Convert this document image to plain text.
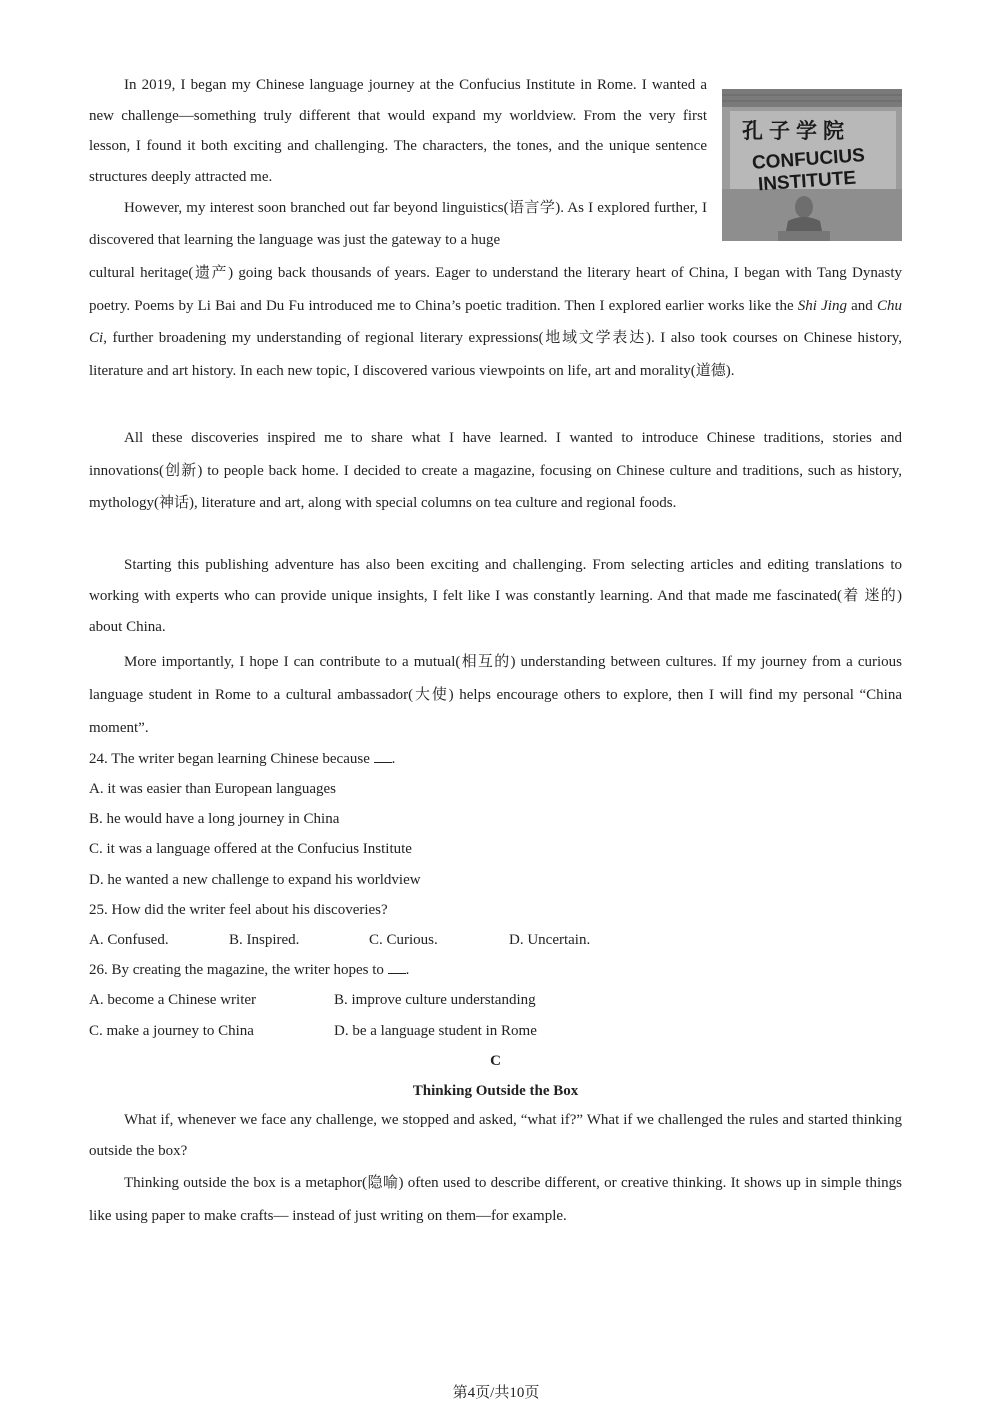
孔子学院
CONFUCIUS
INSTITUTE
In 2019, I began my Chinese language journey at the Confucius Institute in Rome. I wanted a new challenge—something truly different that would expand my worldview. From the very first lesson, I found it both exciting and challenging. The characters, the tones, and the unique sentence structures deeply attracted me.
However, my interest soon branched out far beyond linguistics(语言学). As I explored further, I discovered that learning the language was just the gateway to a huge
cultural heritage(遗产) going back thousands of years. Eager to understand the literary heart of China, I began with Tang Dynasty poetry. Poems by Li Bai and Du Fu introduced me to China’s poetic tradition. Then I explored earlier works like the Shi Jing and Chu Ci, further broadening my understanding of regional literary expressions(地域文学表达). I also took courses on Chinese history, literature and art history. In each new topic, I discovered various viewpoints on life, art and morality(道德).
All these discoveries inspired me to share what I have learned. I wanted to introduce Chinese traditions, stories and innovations(创新) to people back home. I decided to create a magazine, focusing on Chinese culture and traditions, such as history, mythology(神话), literature and art, along with special columns on tea culture and regional foods.
Starting this publishing adventure has also been exciting and challenging. From selecting articles and editing translations to working with experts who can provide unique insights, I felt like I was constantly learning. And that made me fascinated(着 迷的) about China.
More importantly, I hope I can contribute to a mutual(相互的) understanding between cultures. If my journey from a curious language student in Rome to a cultural ambassador(大使) helps encourage others to explore, then I will find my personal “China moment”.
24. The writer began learning Chinese because .
A. it was easier than European languages
B. he would have a long journey in China
C. it was a language offered at the Confucius Institute
D. he wanted a new challenge to expand his worldview
25. How did the writer feel about his discoveries?
A. Confused.	B. Inspired.	C. Curious.	D. Uncertain.
26. By creating the magazine, the writer hopes to .
A. become a Chinese writer	B. improve culture understanding
C. make a journey to China	D. be a language student in Rome
C
Thinking Outside the Box
What if, whenever we face any challenge, we stopped and asked, “what if?” What if we challenged the rules and started thinking outside the box?
Thinking outside the box is a metaphor(隐喻) often used to describe different, or creative thinking. It shows up in simple things like using paper to make crafts— instead of just writing on them—for example.
第4页/共10页
